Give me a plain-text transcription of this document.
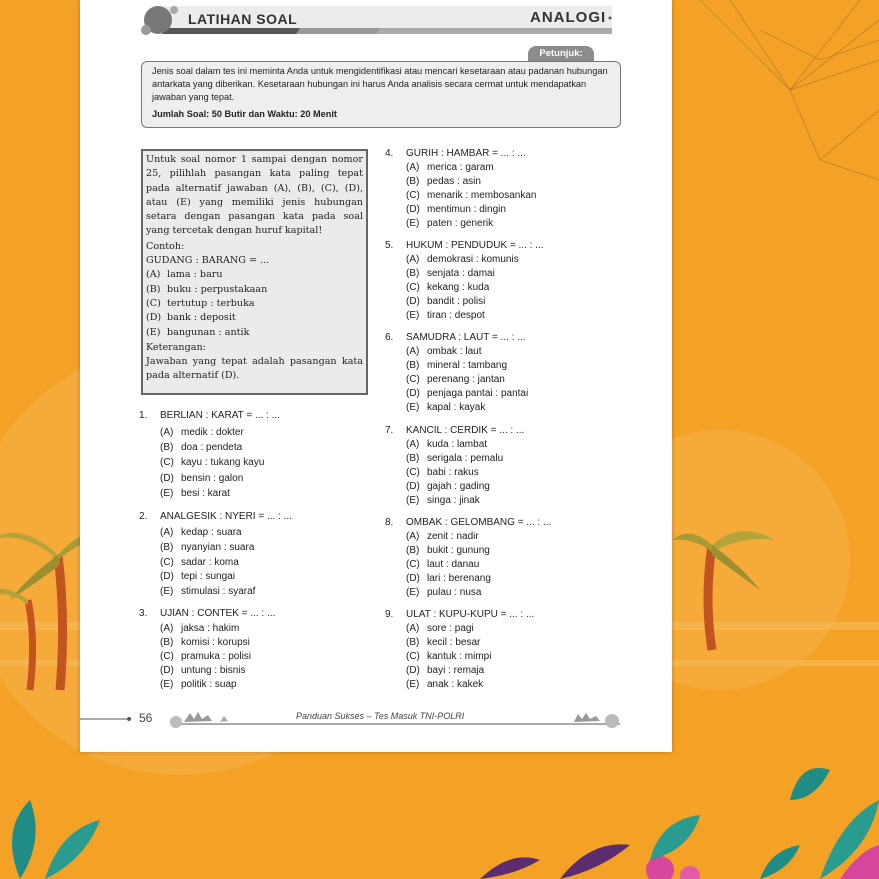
LATIHAN SOAL	ANALOGI
Petunjuk:

Jenis soal dalam tes ini meminta Anda untuk mengidentifikasi atau mencari kesetaraan atau padanan hubungan antarkata yang diberikan. Kesetaraan hubungan ini harus Anda analisis secara cermat untuk mendapatkan jawaban yang tepat.

Jumlah Soal: 50 Butir dan Waktu: 20 Menit

Untuk soal nomor 1 sampai dengan nomor 25, pilihlah pasangan kata paling tepat pada alternatif jawaban (A), (B), (C), (D), atau (E) yang memiliki jenis hubungan setara dengan pasangan kata pada soal yang tercetak dengan huruf kapital!

Contoh:

GUDANG : BARANG = ...

(A) lama : baru
(B) buku : perpustakaan
(C) tertutup : terbuka
(D) bank : deposit
(E) bangunan : antik

Keterangan:

Jawaban yang tepat adalah pasangan kata pada alternatif (D).

1. BERLIAN : KARAT = ... : ...
(A) medik : dokter
(B) doa : pendeta
(C) kayu : tukang kayu
(D) bensin : galon
(E) besi : karat
2. ANALGESIK : NYERI = ... : ...
(A) kedap : suara
(B) nyanyian : suara
(C) sadar : koma
(D) tepi : sungai
(E) stimulasi : syaraf
3. UJIAN : CONTEK = ... : ...
(A) jaksa : hakim
(B) komisi : korupsi
(C) pramuka : polisi
(D) untung : bisnis
(E) politik : suap
4. GURIH : HAMBAR = ... : ...
(A) merica : garam
(B) pedas : asin
(C) menarik : membosankan
(D) mentimun : dingin
(E) paten : generik
5. HUKUM : PENDUDUK = ... : ...
(A) demokrasi : komunis
(B) senjata : damai
(C) kekang : kuda
(D) bandit : polisi
(E) tiran : despot
6. SAMUDRA : LAUT = ... : ...
(A) ombak : laut
(B) mineral : tambang
(C) perenang : jantan
(D) penjaga pantai : pantai
(E) kapal : kayak
7. KANCIL : CERDIK = ... : ...
(A) kuda : lambat
(B) serigala : pemalu
(C) babi : rakus
(D) gajah : gading
(E) singa : jinak
8. OMBAK : GELOMBANG = ... : ...
(A) zenit : nadir
(B) bukit : gunung
(C) laut : danau
(D) lari : berenang
(E) pulau : nusa
9. ULAT : KUPU-KUPU = ... : ...
(A) sore : pagi
(B) kecil : besar
(C) kantuk : mimpi
(D) bayi : remaja
(E) anak : kakek
56	Panduan Sukses – Tes Masuk TNI-POLRI
